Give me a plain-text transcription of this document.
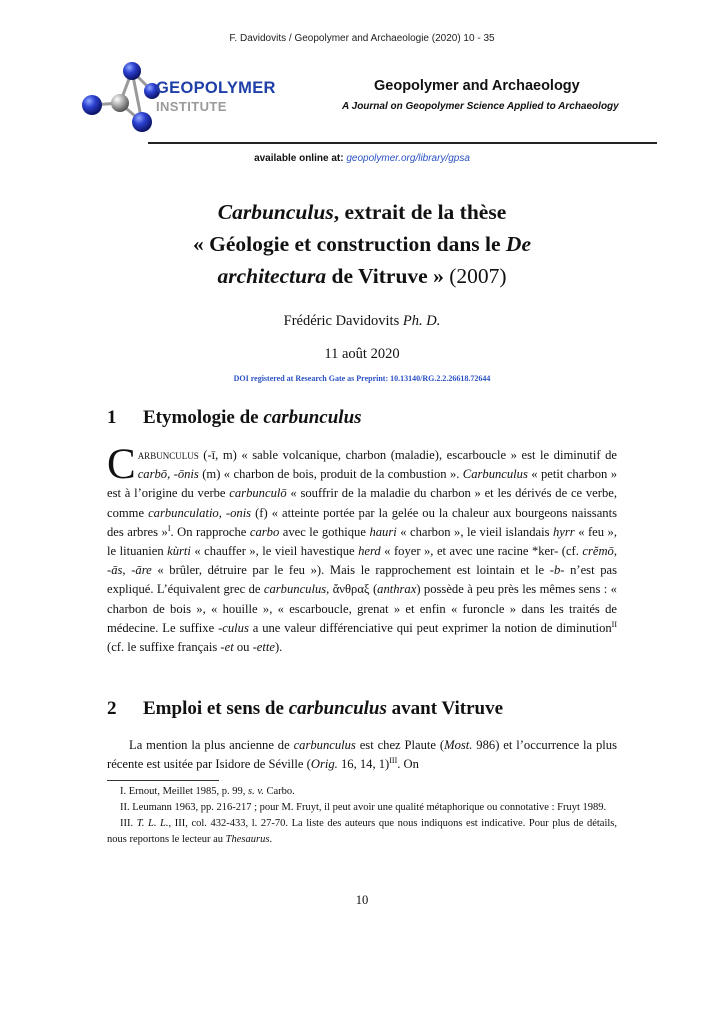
F. Davidovits / Geopolymer and Archaeologie (2020) 10 - 35
GEOPOLYMER
INSTITUTE
Geopolymer and Archaeology
A Journal on Geopolymer Science Applied to Archaeology
available online at: geopolymer.org/library/gpsa
Carbunculus, extrait de la thèse
« Géologie et construction dans le De
architectura de Vitruve » (2007)
Frédéric Davidovits Ph. D.
11 août 2020
DOI registered at Research Gate as Preprint: 10.13140/RG.2.2.26618.72644
1 Etymologie de carbunculus
Carbunculus (-ī, m) « sable volcanique, charbon (maladie), escarboucle » est le diminutif de carbō, -ōnis (m) « charbon de bois, produit de la combustion ». Carbunculus « petit charbon » est à l’origine du verbe carbunculō « souffrir de la maladie du charbon » et les dérivés de ce verbe, comme carbunculatio, -onis (f) « atteinte portée par la gelée ou la chaleur aux bourgeons naissants des arbres »$^I$. On rapproche carbo avec le gothique hauri « charbon », le vieil islandais hyrr « feu », le lituanien kùrti « chauffer », le vieil havestique herd « foyer », et avec une racine *ker- (cf. crĕmō, -ās, -āre « brûler, détruire par le feu »). Mais le rapprochement est lointain et le -b- n’est pas expliqué. L’équivalent grec de carbunculus, ἄνθραξ (anthrax) possède à peu près les mêmes sens : « charbon de bois », « houille », « escarboucle, grenat » et enfin « furoncle » dans les traités de médecine. Le suffixe -culus a une valeur différenciative qui peut exprimer la notion de diminution$^{II}$ (cf. le suffixe français -et ou -ette).
2 Emploi et sens de carbunculus avant Vitruve
La mention la plus ancienne de carbunculus est chez Plaute (Most. 986) et l’occurrence la plus récente est usitée par Isidore de Séville (Orig. 16, 14, 1)$^{III}$. On

I. Ernout, Meillet 1985, p. 99, s. v. Carbo.

II. Leumann 1963, pp. 216-217 ; pour M. Fruyt, il peut avoir une qualité métaphorique ou connotative : Fruyt 1989.

III. T. L. L., III, col. 432-433, l. 27-70. La liste des auteurs que nous indiquons est indicative. Pour plus de détails, nous reportons le lecteur au Thesaurus.

10
